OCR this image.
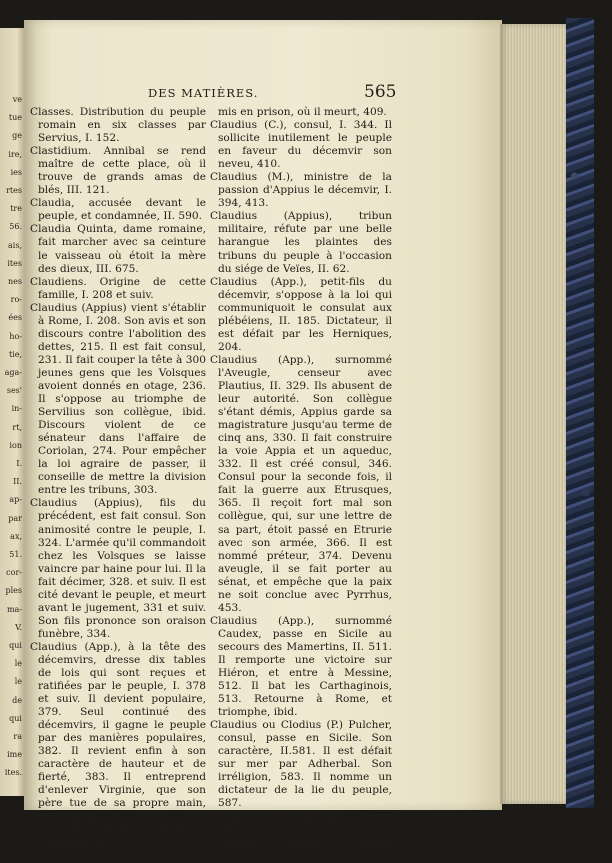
ve
tue
ge
ire,
ies
rtes
tre
56.
ais,
ites
nes
ro-
ées
ho-
tie,
aga-
ses'
in-
rt,
ion
I.
II.
ap-
par
ax,
51.
cor-
ples
ma-
V.
qui
le
le
de
qui
ra
ime
ites.
DES MATIÈRES.	565
Classes. Distribution du peuple romain en six classes par Servius, I. 152.
Clastidium. Annibal se rend maître de cette place, où il trouve de grands amas de blés, III. 121.
Claudia, accusée devant le peuple, et condamnée, II. 590.
Claudia Quinta, dame romaine, fait marcher avec sa ceinture le vaisseau où étoit la mère des dieux, III. 675.
Claudiens. Origine de cette famille, I. 208 et suiv.
Claudius (Appius) vient s'établir à Rome, I. 208. Son avis et son discours contre l'abolition des dettes, 215. Il est fait consul, 231. Il fait couper la tête à 300 jeunes gens que les Volsques avoient donnés en otage, 236. Il s'oppose au triomphe de Servilius son collègue, ibid. Discours violent de ce sénateur dans l'affaire de Coriolan, 274. Pour empêcher la loi agraire de passer, il conseille de mettre la division entre les tribuns, 303.
Claudius (Appius), fils du précédent, est fait consul. Son animosité contre le peuple, I. 324. L'armée qu'il commandoit chez les Volsques se laisse vaincre par haine pour lui. Il la fait décimer, 328. et suiv. Il est cité devant le peuple, et meurt avant le jugement, 331 et suiv. Son fils prononce son oraison funèbre, 334.
Claudius (App.), à la tête des décemvirs, dresse dix tables de lois qui sont reçues et ratifiées par le peuple, I. 378 et suiv. Il devient populaire, 379. Seul continué des décemvirs, il gagne le peuple par des manières populaires, 382. Il revient enfin à son caractère de hauteur et de fierté, 383. Il entreprend d'enlever Virginie, que son père tue de sa propre main, 393. Danger qu'il court à cette occasion, 399. Il est appelé en jugement, et
mis en prison, où il meurt, 409.
Claudius (C.), consul, I. 344. Il sollicite inutilement le peuple en faveur du décemvir son neveu, 410.
Claudius (M.), ministre de la passion d'Appius le décemvir, I. 394, 413.
Claudius (Appius), tribun militaire, réfute par une belle harangue les plaintes des tribuns du peuple à l'occasion du siége de Veïes, II. 62.
Claudius (App.), petit-fils du décemvir, s'oppose à la loi qui communiquoit le consulat aux plébéiens, II. 185. Dictateur, il est défait par les Herniques, 204.
Claudius (App.), surnommé l'Aveugle, censeur avec Plautius, II. 329. Ils abusent de leur autorité. Son collègue s'étant démis, Appius garde sa magistrature jusqu'au terme de cinq ans, 330. Il fait construire la voie Appia et un aqueduc, 332. Il est créé consul, 346. Consul pour la seconde fois, il fait la guerre aux Etrusques, 365. Il reçoit fort mal son collègue, qui, sur une lettre de sa part, étoit passé en Etrurie avec son armée, 366. Il est nommé préteur, 374. Devenu aveugle, il se fait porter au sénat, et empêche que la paix ne soit conclue avec Pyrrhus, 453.
Claudius (App.), surnommé Caudex, passe en Sicile au secours des Mamertins, II. 511. Il remporte une victoire sur Hiéron, et entre à Messine, 512. Il bat les Carthaginois, 513. Retourne à Rome, et triomphe, ibid.
Claudius ou Clodius (P.) Pulcher, consul, passe en Sicile. Son caractère, II.581. Il est défait sur mer par Adherbal. Son irréligion, 583. Il nomme un dictateur de la lie du peuple, 587.
Claudius (M.) Marcellus. Voyez Marcellus.
Claudius Asellus. Combat singulier
